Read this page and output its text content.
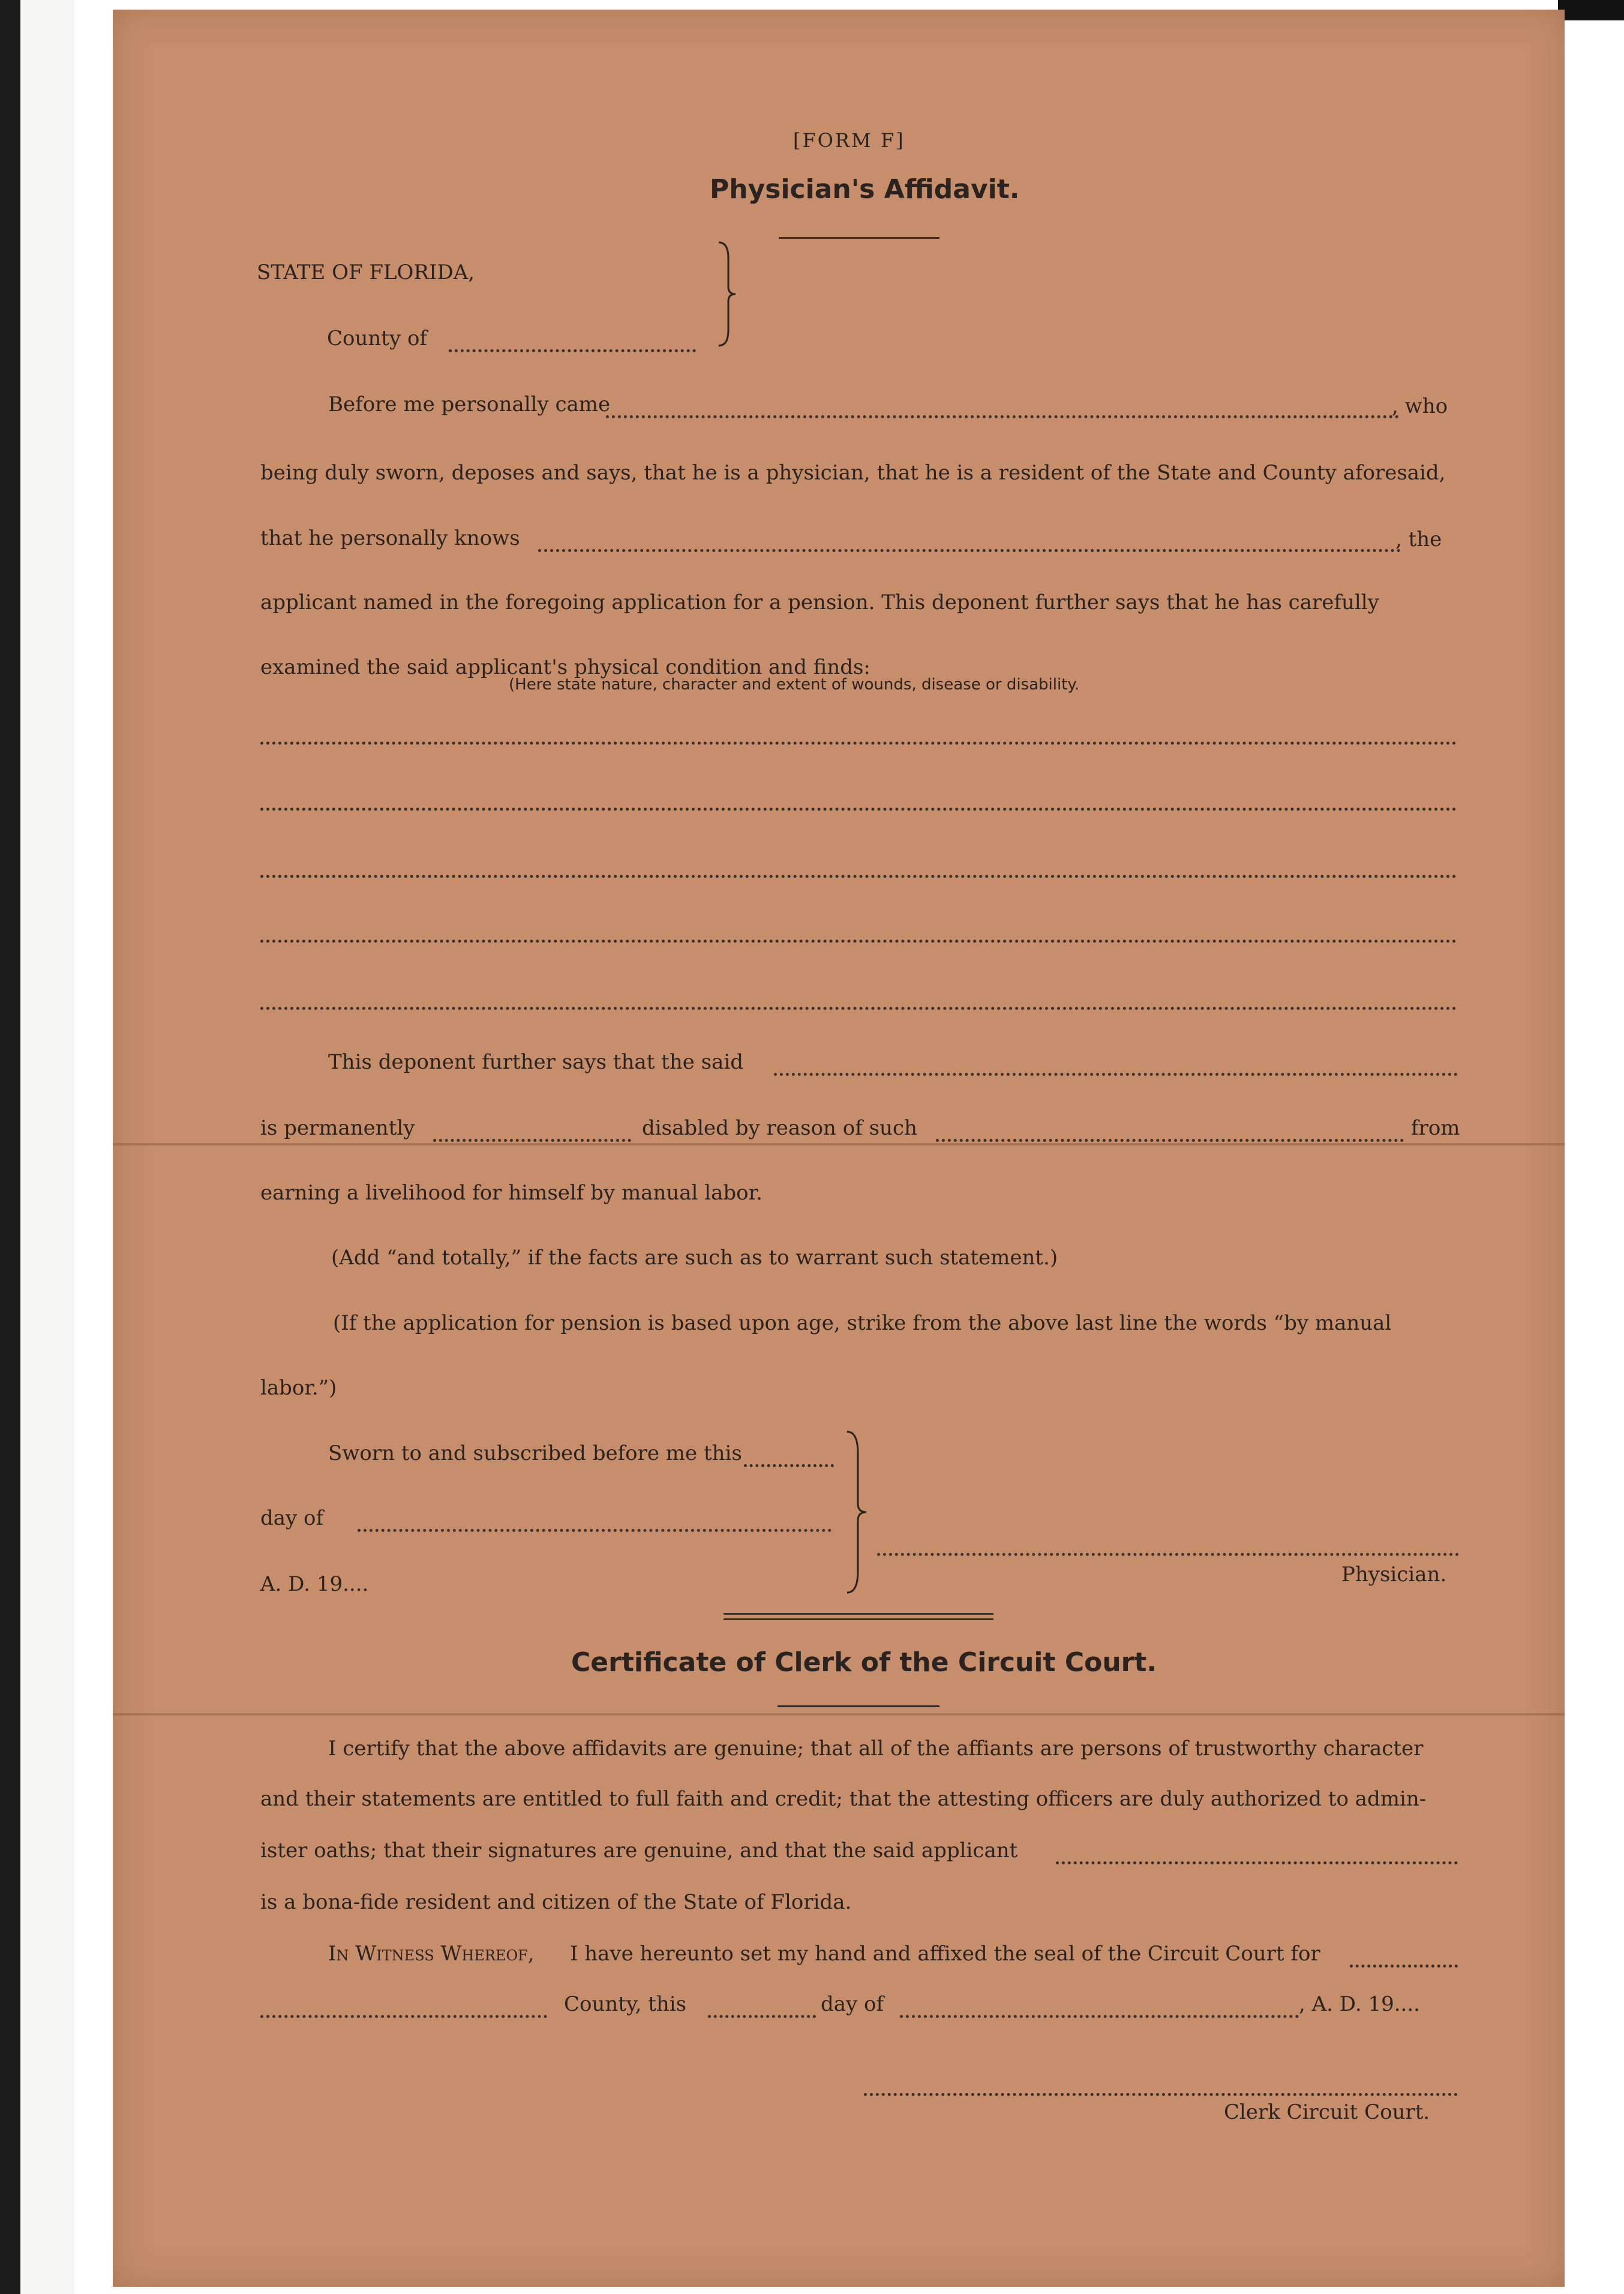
[FORM F]
Physician's Affidavit.
STATE OF FLORIDA,
County of
Before me personally came	, who
being duly sworn, deposes and says, that he is a physician, that he is a resident of the State and County aforesaid,
that he personally knows	, the
applicant named in the foregoing application for a pension. This deponent further says that he has carefully
examined the said applicant's physical condition and finds:
(Here state nature, character and extent of wounds, disease or disability.
This deponent further says that the said
is permanently	disabled by reason of such	from
earning a livelihood for himself by manual labor.
(Add “and totally,” if the facts are such as to warrant such statement.)
(If the application for pension is based upon age, strike from the above last line the words “by manual
labor.”)
Sworn to and subscribed before me this
day of
A. D. 19....	Physician.
Certificate of Clerk of the Circuit Court.
I certify that the above affidavits are genuine; that all of the affiants are persons of trustworthy character
and their statements are entitled to full faith and credit; that the attesting officers are duly authorized to admin-
ister oaths; that their signatures are genuine, and that the said applicant
is a bona-fide resident and citizen of the State of Florida.
In Witness Whereof, I have hereunto set my hand and affixed the seal of the Circuit Court for
County, this	day of	, A. D. 19....
Clerk Circuit Court.
